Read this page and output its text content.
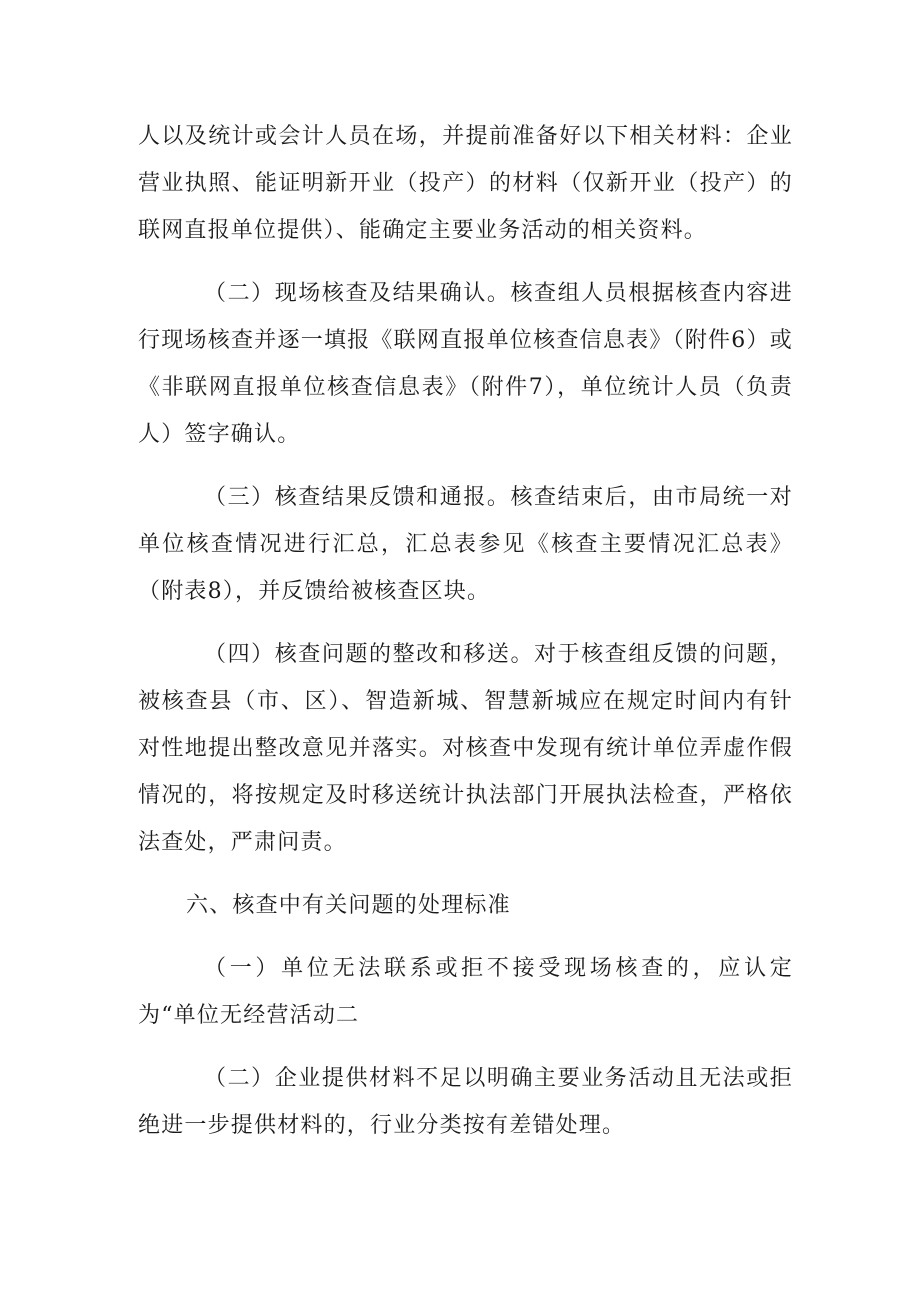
人以及统计或会计人员在场，并提前准备好以下相关材料：企业营业执照、能证明新开业（投产）的材料（仅新开业（投产）的联网直报单位提供）、能确定主要业务活动的相关资料。

（二）现场核查及结果确认。核查组人员根据核查内容进行现场核查并逐一填报《联网直报单位核查信息表》（附件6）或《非联网直报单位核查信息表》（附件7），单位统计人员（负责人）签字确认。

（三）核查结果反馈和通报。核查结束后，由市局统一对单位核查情况进行汇总，汇总表参见《核查主要情况汇总表》（附表8），并反馈给被核查区块。

（四）核查问题的整改和移送。对于核查组反馈的问题，被核查县（市、区）、智造新城、智慧新城应在规定时间内有针对性地提出整改意见并落实。对核查中发现有统计单位弄虚作假情况的，将按规定及时移送统计执法部门开展执法检查，严格依法查处，严肃问责。

六、核查中有关问题的处理标准

（一）单位无法联系或拒不接受现场核查的，应认定为“单位无经营活动二

（二）企业提供材料不足以明确主要业务活动且无法或拒绝进一步提供材料的，行业分类按有差错处理。
